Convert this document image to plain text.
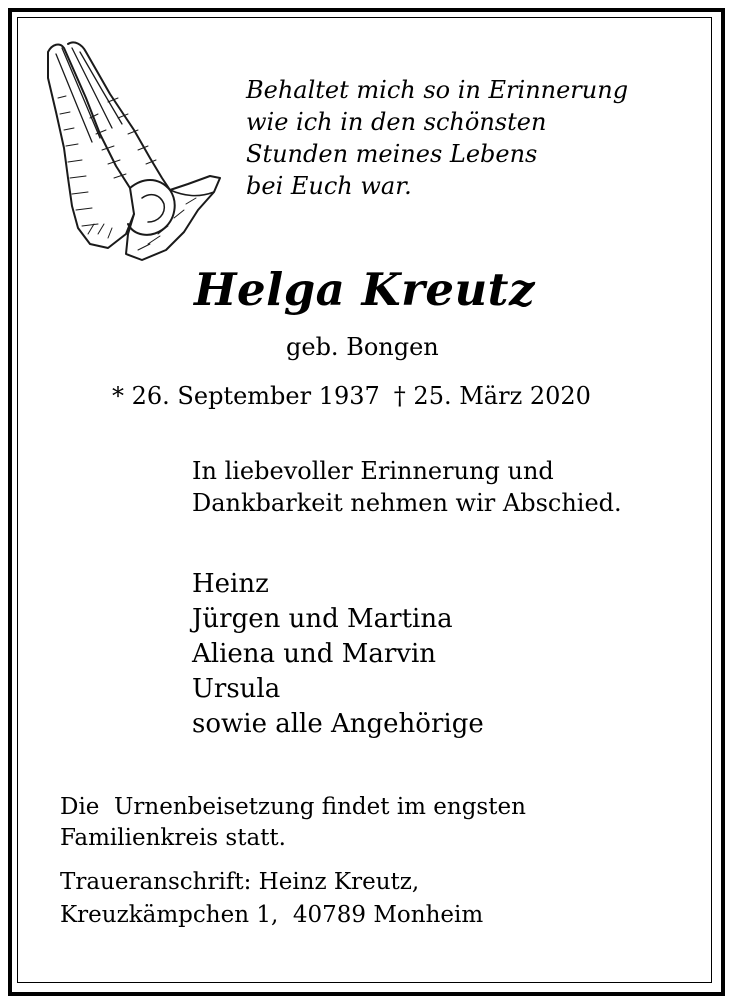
Behaltet mich so in Erinnerung
wie ich in den schönsten
Stunden meines Lebens
bei Euch war.
Helga Kreutz
geb. Bongen
* 26. September 1937 † 25. März 2020
In liebevoller Erinnerung und
Dankbarkeit nehmen wir Abschied.
Heinz
Jürgen und Martina
Aliena und Marvin
Ursula
sowie alle Angehörige
Die  Urnenbeisetzung findet im engsten
Familienkreis statt.
Traueranschrift: Heinz Kreutz,
Kreuzkämpchen 1,  40789 Monheim
